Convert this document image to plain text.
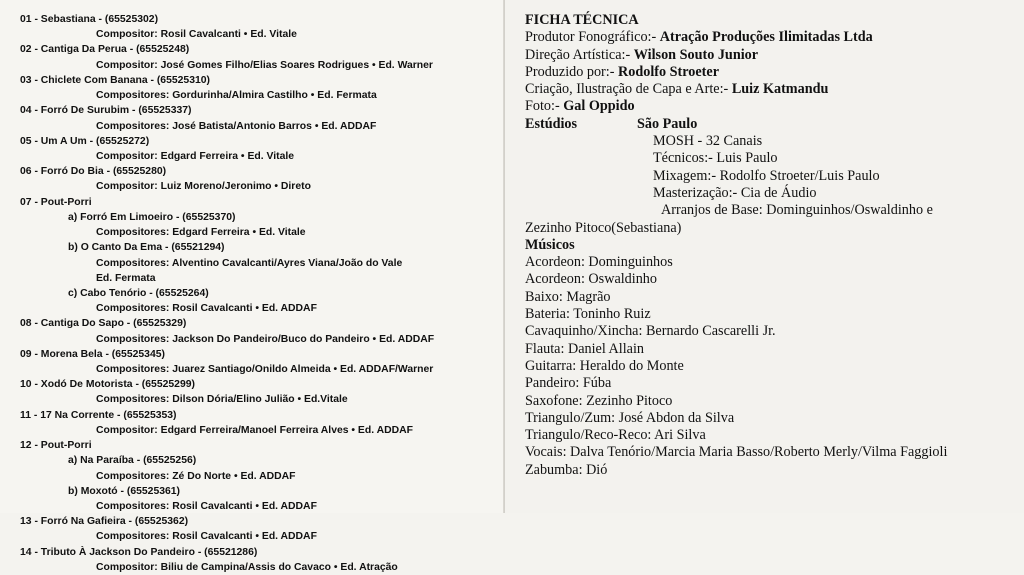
01 - Sebastiana - (65525302)
Compositor: Rosil Cavalcanti • Ed. Vitale
02 - Cantiga Da Perua - (65525248)
Compositor: José Gomes Filho/Elias Soares Rodrigues • Ed. Warner
03 - Chiclete Com Banana - (65525310)
Compositores: Gordurinha/Almira Castilho • Ed. Fermata
04 - Forró De Surubim - (65525337)
Compositores: José Batista/Antonio Barros • Ed. ADDAF
05 - Um A Um - (65525272)
Compositor: Edgard Ferreira • Ed. Vitale
06 - Forró Do Bia - (65525280)
Compositor: Luiz Moreno/Jeronimo • Direto
07 - Pout-Porri
a) Forró Em Limoeiro - (65525370)
Compositores: Edgard Ferreira • Ed. Vitale
b) O Canto Da Ema - (65521294)
Compositores: Alventino Cavalcanti/Ayres Viana/João do Vale
Ed. Fermata
c) Cabo Tenório - (65525264)
Compositores: Rosil Cavalcanti • Ed. ADDAF
08 - Cantiga Do Sapo - (65525329)
Compositores: Jackson Do Pandeiro/Buco do Pandeiro • Ed. ADDAF
09 - Morena Bela - (65525345)
Compositores: Juarez Santiago/Onildo Almeida • Ed. ADDAF/Warner
10 - Xodó De Motorista - (65525299)
Compositores: Dilson Dória/Elino Julião • Ed.Vitale
11 - 17 Na Corrente - (65525353)
Compositor: Edgard Ferreira/Manoel Ferreira Alves • Ed. ADDAF
12 - Pout-Porri
a) Na Paraíba - (65525256)
Compositores: Zé Do Norte • Ed. ADDAF
b) Moxotó - (65525361)
Compositores: Rosil Cavalcanti • Ed. ADDAF
13 - Forró Na Gafieira - (65525362)
Compositores: Rosil Cavalcanti • Ed. ADDAF
14 - Tributo À Jackson Do Pandeiro - (65521286)
Compositor: Biliu de Campina/Assis do Cavaco • Ed. Atração
FICHA TÉCNICA
Produtor Fonográfico:- Atração Produções Ilimitadas Ltda
Direção Artística:- Wilson Souto Junior
Produzido por:- Rodolfo Stroeter
Criação, Ilustração de Capa e Arte:- Luiz Katmandu
Foto:- Gal Oppido
Estúdios	São Paulo
MOSH - 32 Canais
Técnicos:- Luis Paulo
Mixagem:- Rodolfo Stroeter/Luis Paulo
Masterização:- Cia de Áudio
Arranjos de Base: Dominguinhos/Oswaldinho e
Zezinho Pitoco(Sebastiana)
Músicos
Acordeon: Dominguinhos
Acordeon: Oswaldinho
Baixo: Magrão
Bateria: Toninho Ruiz
Cavaquinho/Xincha: Bernardo Cascarelli Jr.
Flauta: Daniel Allain
Guitarra: Heraldo do Monte
Pandeiro: Fúba
Saxofone: Zezinho Pitoco
Triangulo/Zum: José Abdon da Silva
Triangulo/Reco-Reco: Ari Silva
Vocais: Dalva Tenório/Marcia Maria Basso/Roberto Merly/Vilma Faggioli
Zabumba: Dió
